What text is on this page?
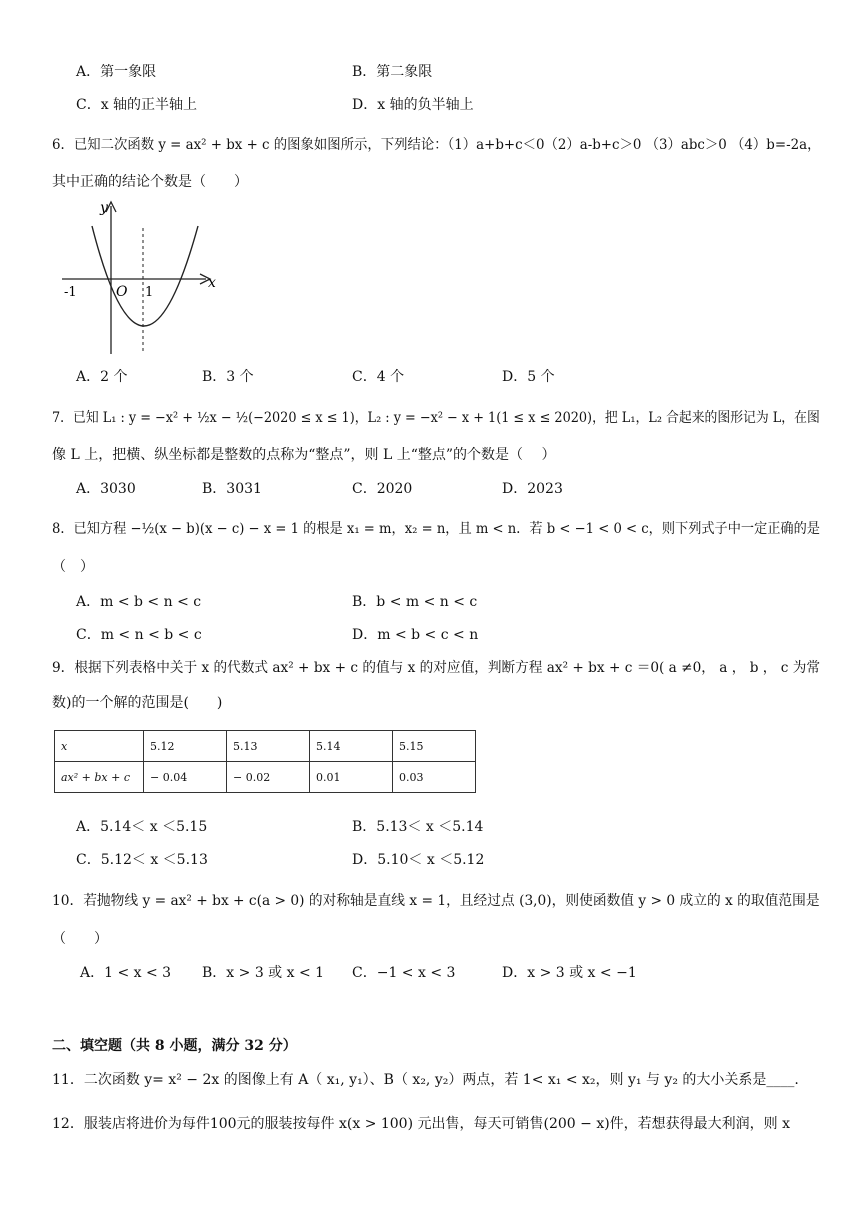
A．第一象限	B．第二象限
C．x 轴的正半轴上	D．x 轴的负半轴上
6．已知二次函数 y = ax² + bx + c 的图象如图所示，下列结论：（1）a+b+c＜0（2）a-b+c＞0 （3）abc＞0 （4）b=-2a，
其中正确的结论个数是（　　）
y
x
O
-1	1
A．2 个	B．3 个	C．4 个	D．5 个
7．已知 L₁ : y = −x² + ½x − ½(−2020 ≤ x ≤ 1)，L₂ : y = −x² − x + 1(1 ≤ x ≤ 2020)，把 L₁，L₂ 合起来的图形记为 L，在图
像 L 上，把横、纵坐标都是整数的点称为“整点”，则 L 上“整点”的个数是（　 ）
A．3030	B．3031	C．2020	D．2023
8．已知方程 −½(x − b)(x − c) − x = 1 的根是 x₁ = m，x₂ = n，且 m < n．若 b < −1 < 0 < c，则下列式子中一定正确的是
（　）
A．m < b < n < c	B．b < m < n < c
C．m < n < b < c	D．m < b < c < n
9．根据下列表格中关于 x 的代数式 ax² + bx + c 的值与 x 的对应值，判断方程 ax² + bx + c ＝0( a ≠0， a ， b ， c 为常
数)的一个解的范围是(　　)
x	5.12	5.13	5.14	5.15
ax² + bx + c	− 0.04	− 0.02	0.01	0.03
A．5.14＜ x ＜5.15	B．5.13＜ x ＜5.14
C．5.12＜ x ＜5.13	D．5.10＜ x ＜5.12
10．若抛物线 y = ax² + bx + c(a > 0) 的对称轴是直线 x = 1，且经过点 (3,0)，则使函数值 y > 0 成立的 x 的取值范围是
（　　）
A．1 < x < 3 B．x > 3 或 x < 1 C．−1 < x < 3	D．x > 3 或 x < −1
二、填空题（共 8 小题，满分 32 分）
11．二次函数 y= x² − 2x 的图像上有 A（ x₁, y₁）、B（ x₂, y₂）两点，若 1< x₁ < x₂，则 y₁ 与 y₂ 的大小关系是____.
12．服装店将进价为每件100元的服装按每件 x(x > 100) 元出售，每天可销售(200 − x)件，若想获得最大利润，则 x
